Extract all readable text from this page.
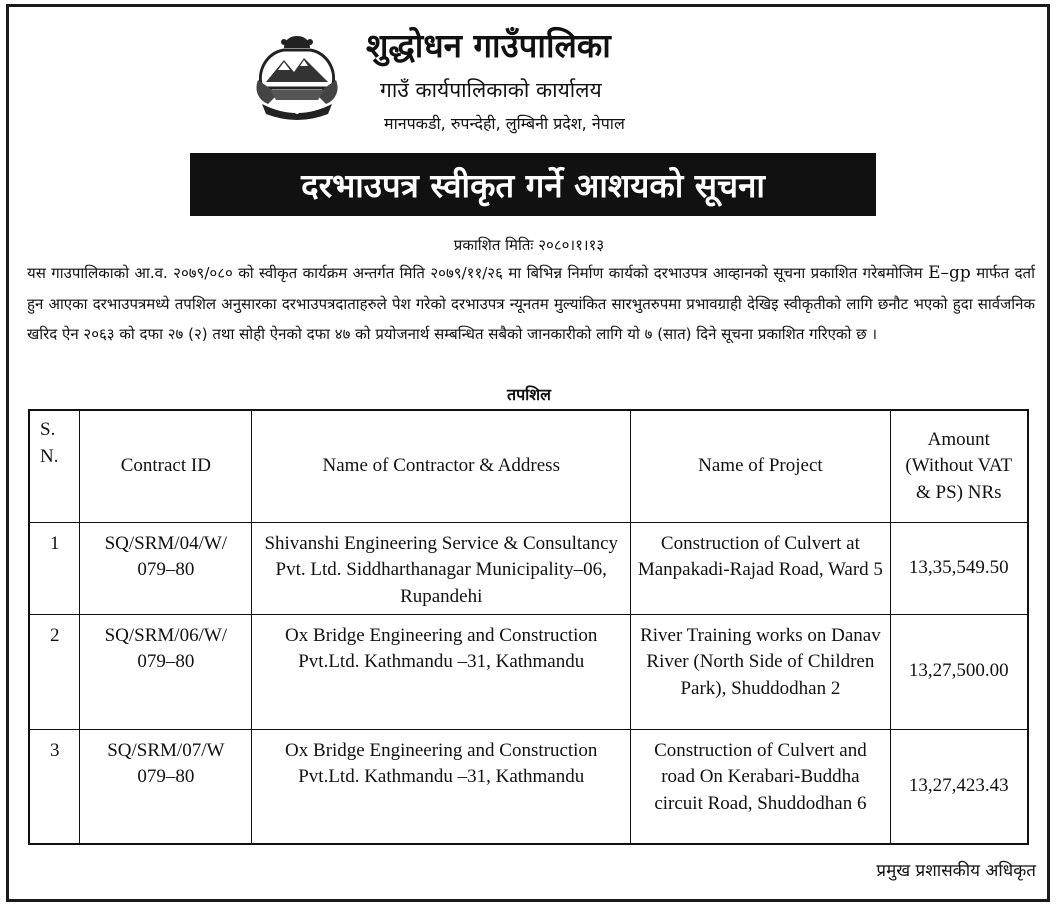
शुद्धोधन गाउँपालिका
गाउँ कार्यपालिकाको कार्यालय
मानपकडी, रुपन्देही, लुम्बिनी प्रदेश, नेपाल
दरभाउपत्र स्वीकृत गर्ने आशयको सूचना
प्रकाशित मितिः २०८०।१।१३
यस गाउपालिकाको आ.व. २०७९/०८० को स्वीकृत कार्यक्रम अन्तर्गत मिति २०७९/११/२६ मा बिभिन्न निर्माण कार्यको दरभाउपत्र आव्हानको सूचना प्रकाशित गरेबमोजिम E–gp मार्फत दर्ता हुन आएका दरभाउपत्रमध्ये तपशिल अनुसारका दरभाउपत्रदाताहरुले पेश गरेको दरभाउपत्र न्यूनतम मुल्यांकित सारभुतरुपमा प्रभावग्राही देखिइ स्वीकृतीको लागि छनौट भएको हुदा सार्वजनिक खरिद ऐन २०६३ को दफा २७ (२) तथा सोही ऐनको दफा ४७ को प्रयोजनार्थ सम्बन्धित सबैको जानकारीको लागि यो ७ (सात) दिने सूचना प्रकाशित गरिएको छ ।
तपशिल
S. N.	Contract ID	Name of Contractor & Address	Name of Project	Amount (Without VAT & PS) NRs
1	SQ/SRM/04/W/ 079–80	Shivanshi Engineering Service & Consultancy Pvt. Ltd. Siddharthanagar Municipality–06, Rupandehi	Construction of Culvert at Manpakadi-Rajad Road, Ward 5	13,35,549.50
2	SQ/SRM/06/W/ 079–80	Ox Bridge Engineering and Construction Pvt.Ltd. Kathmandu –31, Kathmandu	River Training works on Danav River (North Side of Children Park), Shuddodhan 2	13,27,500.00
3	SQ/SRM/07/W 079–80	Ox Bridge Engineering and Construction Pvt.Ltd. Kathmandu –31, Kathmandu	Construction of Culvert and road On Kerabari-Buddha circuit Road, Shuddodhan 6	13,27,423.43
प्रमुख प्रशासकीय अधिकृत
